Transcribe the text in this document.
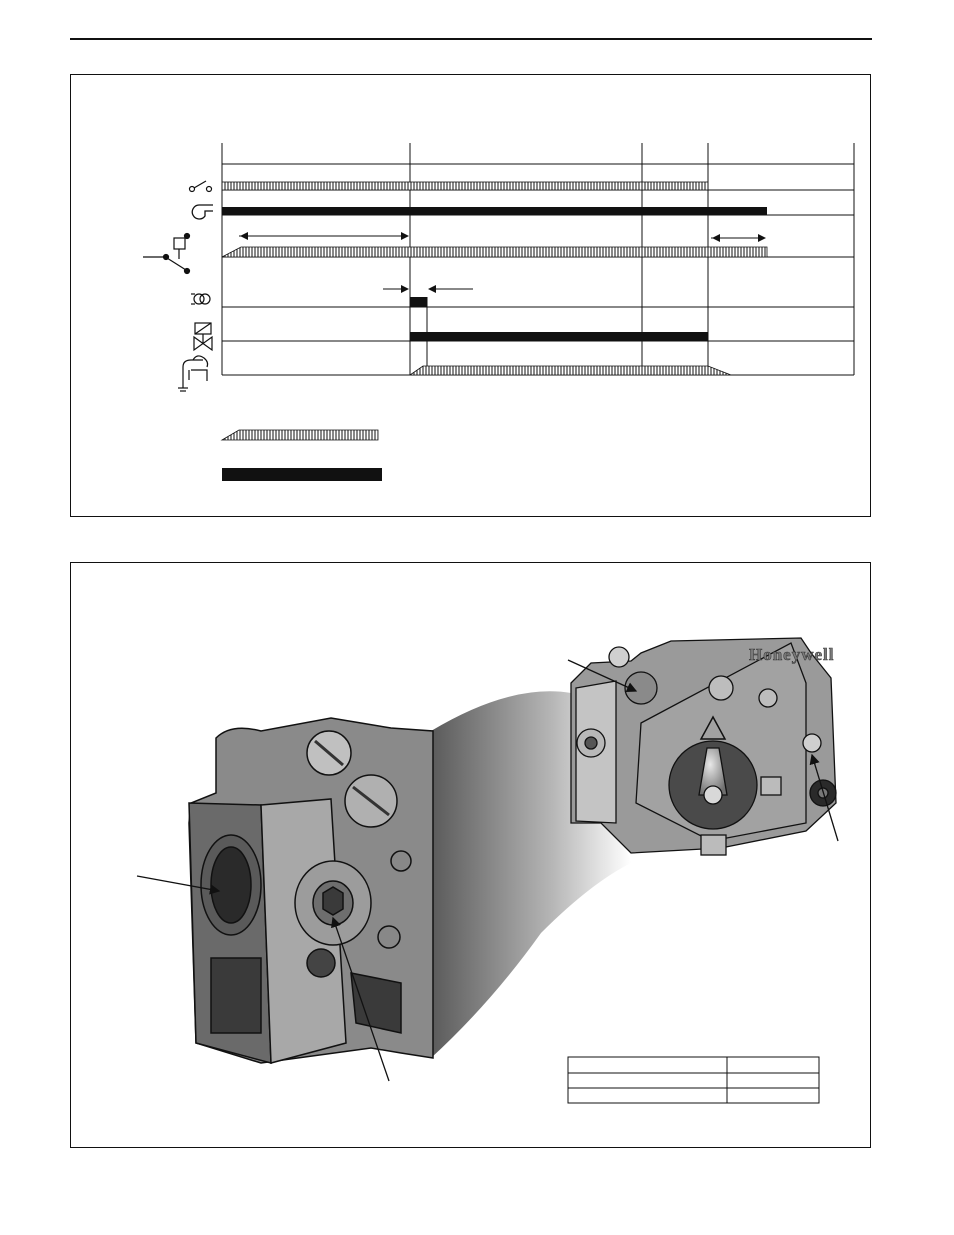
Honeywell
